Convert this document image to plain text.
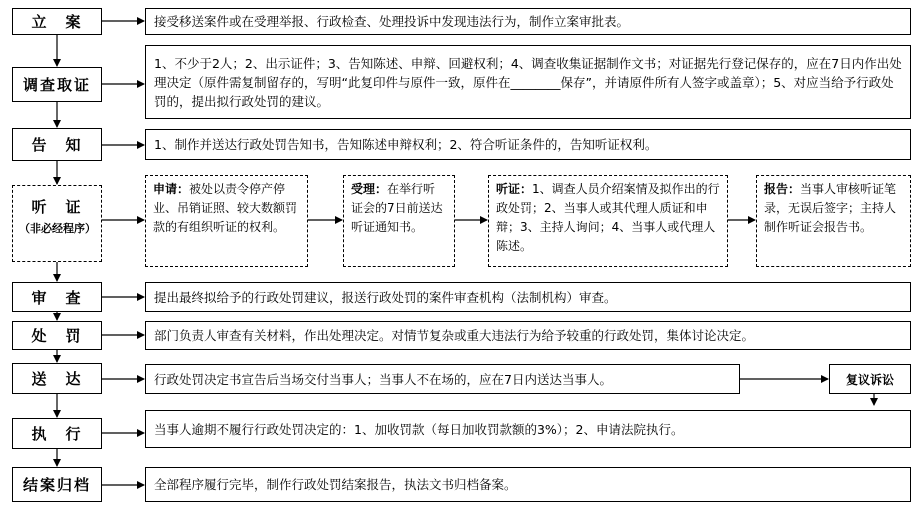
立　案
调查取证
告　知
听　证
（非必经程序）
审　查
处　罚
送　达
执　行
结案归档
接受移送案件或在受理举报、行政检查、处理投诉中发现违法行为，制作立案审批表。
1、不少于2人；2、出示证件；3、告知陈述、申辩、回避权利；4、调查收集证据制作文书；对证据先行登记保存的，应在7日内作出处理决定（原件需复制留存的，写明“此复印件与原件一致，原件在________保存”，并请原件所有人签字或盖章）；5、对应当给予行政处罚的，提出拟行政处罚的建议。
1、制作并送达行政处罚告知书，告知陈述申辩权利；2、符合听证条件的，告知听证权利。
申请：被处以责令停产停业、吊销证照、较大数额罚款的有组织听证的权利。
受理：在举行听证会的7日前送达听证通知书。
听证：1、调查人员介绍案情及拟作出的行政处罚；2、当事人或其代理人质证和申辩；3、主持人询问；4、当事人或代理人陈述。
报告：当事人审核听证笔录，无误后签字；主持人制作听证会报告书。
提出最终拟给予的行政处罚建议，报送行政处罚的案件审查机构（法制机构）审查。
部门负责人审查有关材料，作出处理决定。对情节复杂或重大违法行为给予较重的行政处罚，集体讨论决定。
行政处罚决定书宣告后当场交付当事人；当事人不在场的，应在7日内送达当事人。	复议诉讼
当事人逾期不履行行政处罚决定的：1、加收罚款（每日加收罚款额的3%）；2、申请法院执行。
全部程序履行完毕，制作行政处罚结案报告，执法文书归档备案。
